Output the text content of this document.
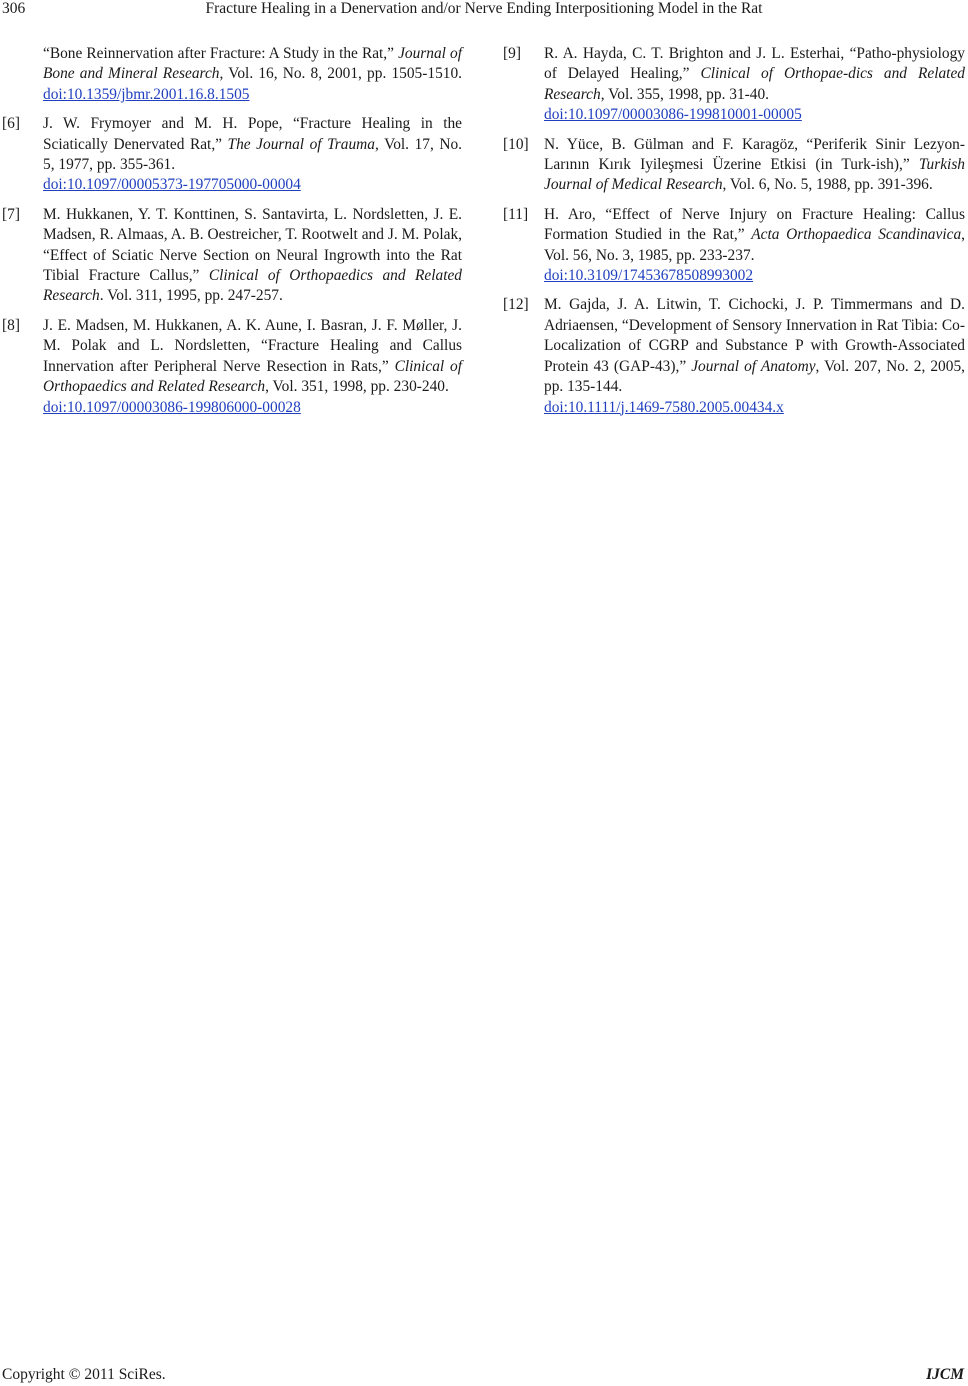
306	Fracture Healing in a Denervation and/or Nerve Ending Interpositioning Model in the Rat
“Bone Reinnervation after Fracture: A Study in the Rat,” Journal of Bone and Mineral Research, Vol. 16, No. 8, 2001, pp. 1505-1510. doi:10.1359/jbmr.2001.16.8.1505
[6] J. W. Frymoyer and M. H. Pope, “Fracture Healing in the Sciatically Denervated Rat,” The Journal of Trauma, Vol. 17, No. 5, 1977, pp. 355-361.
doi:10.1097/00005373-197705000-00004
[7] M. Hukkanen, Y. T. Konttinen, S. Santavirta, L. Nordsletten, J. E. Madsen, R. Almaas, A. B. Oestreicher, T. Rootwelt and J. M. Polak, “Effect of Sciatic Nerve Section on Neural Ingrowth into the Rat Tibial Fracture Callus,” Clinical of Orthopaedics and Related Research. Vol. 311, 1995, pp. 247-257.
[8] J. E. Madsen, M. Hukkanen, A. K. Aune, I. Basran, J. F. Møller, J. M. Polak and L. Nordsletten, “Fracture Healing and Callus Innervation after Peripheral Nerve Resection in Rats,” Clinical of Orthopaedics and Related Research, Vol. 351, 1998, pp. 230-240.
doi:10.1097/00003086-199806000-00028
[9] R. A. Hayda, C. T. Brighton and J. L. Esterhai, “Patho-physiology of Delayed Healing,” Clinical of Orthopae-dics and Related Research, Vol. 355, 1998, pp. 31-40.
doi:10.1097/00003086-199810001-00005
[10] N. Yüce, B. Gülman and F. Karagöz, “Periferik Sinir Lezyon-Larının Kırık Iyileşmesi Üzerine Etkisi (in Turk-ish),” Turkish Journal of Medical Research, Vol. 6, No. 5, 1988, pp. 391-396.
[11] H. Aro, “Effect of Nerve Injury on Fracture Healing: Callus Formation Studied in the Rat,” Acta Orthopaedica Scandinavica, Vol. 56, No. 3, 1985, pp. 233-237.
doi:10.3109/17453678508993002
[12] M. Gajda, J. A. Litwin, T. Cichocki, J. P. Timmermans and D. Adriaensen, “Development of Sensory Innervation in Rat Tibia: Co-Localization of CGRP and Substance P with Growth-Associated Protein 43 (GAP-43),” Journal of Anatomy, Vol. 207, No. 2, 2005, pp. 135-144.
doi:10.1111/j.1469-7580.2005.00434.x
Copyright © 2011 SciRes.	IJCM
